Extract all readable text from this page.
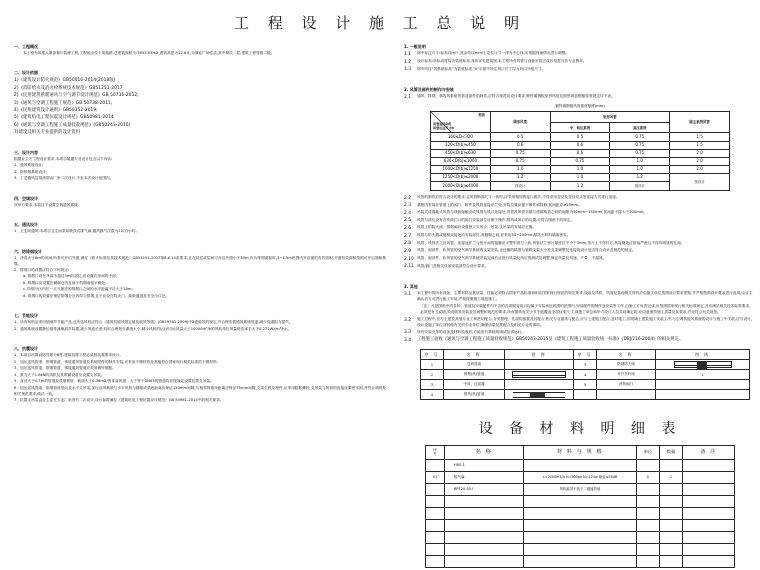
工 程 设 计 施 工 总 说 明
一、工程概况
本工程为凤凰大厦茶餐厅装修工程,工程地点位于凤凰路,总建筑面积为:7653.53m2,建筑高度为12.6米,为商业广场性质,其中餐饮二层,建筑工程等级二级。
二、设计依据
1)《建筑设计防火规范》GB50016-2014(2018版)
2)《消防给水及消火栓系统技术规范》GB51251-2017
2)《民用建筑供暖通风与空气调节设计规范》GB 50736-2012;
3)《通风与空调工程施工规范》GB 50738-2011;
4)《民用建筑设计通则》GB50352-2019;
5)《建筑机电工程抗震设计规范》GB50981-2014
6)《通风与空调工程施工质量验收规范》(GB50243-2016)
7)建设及相关专业提供的设计资料
三、设计内容
根据业主方工程设计要求,本项目暖通专业设计包含以下内容:
1、通风系统设计;
2、防排烟系统设计;
3、工艺通风及排油烟由厂家二次设计,不在本次设计范围内。
四、空调设计
应甲方要求,本项目不设置空调通风系统
五、通风设计
1、卫生间通风:本项目卫生间采用吸顶式排气扇,通风换气次数为10次/小时。
六、防排烟设计
1、净高大于6m的房间,所需可开启外窗,满足《防火标准及其技术规范》GB51251-2017第8.6.15条要求,且在同层或层间可开启外窗小于30m,作为排烟面积时,3~1.5m范围内开启窗的有效面积,开窗有效面积按照可开启面积核算。
2、排烟口的设置应符合下列规定:
a. 排烟口设在净高不超过3m的部位,应设置在房间的中部;
b. 排烟口应设置在储烟仓内且低于挡烟垂壁下缘处;
c. 防烟分区内任一点与最近的排烟口之间的水平距离不应大于30m;
d. 排烟口的设置应保证防烟分区内均匀排烟,且不应设在防火门、疏散通道及安全出口处。
七、节能设计
1、所有风机应采用低噪声节能产品,且所选风机应符合《通风机能效限定值及能效等级》(GB19761-2009)中2级能效的规定,并合理布置通风系统管道,减少管道阻力损失。
2、通风系统设置静压箱等减噪消声装置,减少风道长度;同时合理划分系统大小,减少风机的运行时间;风量大于10000m³/h的风机单位风量耗功率不大于0.271W/(m³/h);。
八、抗震设计
1、本项目抗震设防烈度为6度,建筑抗震工程必须按抗震要求设计。
2、加压送风管道、排烟管道、事故通风管道及系统附件的制作安装,应采用不燃材料及其他符合国家现行相关标准的不燃材料;
3、加压送风管道、排烟管道、事故通风管道应采用镀锌钢板。
4、重力大于1.8kN的风机及其附属设备应设置支吊架。
5、直径大于0.7m的管道及风道系统、截面大于0.38m2/的垂直风道、大于等于DN65的管道均应按规定设置抗震支吊架。
6、加压送风管道、排烟管道竖向及水平支吊架,加压送风系统与水平风管与楼板或梁底距离应保证150mm间隙,与相邻管道净距离应保证75mm间隙,支架生根及埋件,应采用膨胀螺栓,支吊架与风管的连接应紧密牢固,并符合消防及相关规范要求,做法一致。
7、抗震支吊架由业主委托专业厂家进行二次设计,设计参数满足《建筑机电工程抗震设计规范》GB 50981-2014中的相关要求。
1. 一般说明
1.1	图中标注尺寸:标高以m计,其余均以mm计,定位尺寸一律为中心线,可根据现场情况进行调整。
1.2	设计标高:所标高度均为梁底标高,具体详见建筑图,本工程所有风管与设备安装完成后均需与各专业核对。
1.3	图中所注"风系统标高"为管底标高,"h"平面中所注风口尺寸均为风口外框尺寸。
2. 风管及部件的制作与安装
2.1	通风、排烟、事故风系统风管及部件的制作,应符合规范及设计要求,镀锌薄钢板矩形风管及圆形风管钢板厚度规定详下表。
镀锌薄钢板风管板材厚度(mm)
类别
风管直径D或
风管长边尺寸b	圆形风管	矩形风管		除尘系统风管
		中、低压系统	高压系统	
160≤D<320	0.5	0.5	0.75	1.5
320<D(b)≤450	0.6	0.6	0.75	1.5
450<D(b)≤630	0.75	0.6	0.75	2.0
630<D(b)≤1000	0.75	0.75	1.0	2.0
1000<D(b)≤1250	1.0	1.0	1.0	2.0
1250<D(b)≤2000	1.2	1.0	1.2	按设计
2000<D(b)≤4000	按设计	1.2	按设计	
2.2	风管的制作应符合设计的要求,且风管断面尺寸一致时,应采用相同的接口做法,不得采用变径及变径弯头等连接方式进行连接。
2.3	系统内安装在管道上的阀门、附件及风管连接法兰处,安装位置应便于操作和检修,其间距应≥25mm。
2.4	吊装式或落地式风管与设备接触点或风管与风口连接处,弯管及风管末端与建筑构造之间的间隙为50mm~150mm,其间距不得大于200mm。
2.5	风管与部位设有各类阀门口的阀门安装部位应便于操作,排风或风口的位置,应符合图纸下的规定。
2.6	风管上的防火阀、排烟阀应设置独立支吊点、吊架,支吊架的安装应正确。
2.7	风管与防火墙或楼板交接处的安装部位,其缝隙之间,应采用50~200mm厚防火材料填塞密实。
2.8	风管、风管法兰及风管、连接处法兰与垫片间的接触应平整牢固与一致,风管法兰垫片厚度应不小于3mm,垫片上不得钉订,其接缝处应搭接严密且不得有明显的孔洞。
2.9	风管、阀部件、软风管的空气调节系统的支架安装,正压侧的精度与管路支架大小及支架调整及连接的设计是否符合设计及规范的规定。
2.10 风管、阀部件、软风管的空气调节系统安装完成后应进行风量及风压的测试及调整,保证风量及风速、产量、不漏风。
2.11 风管/阀门及相关设备安装须符合设计要求。
3. 其他
3.1	本工程中的所有设备、主要材料及其质量、性能必须符合国家产品标准和相应国家现行规范的规定要求,设备及风机、风管及其他相关材料应由施工单位按照设计要求采购,并严格按照设计要求进行选用,由业主确认后方可进行施工安装,严格按照施工规范施工。
〔注〕凡是图纸中的各种、管道及安装配件内不含的各项服务项目均属于安装承包范围的范围内,安装配件的制作及安装等工作,由施工方负责完成,应按照国家现行相关标准规定,并应满足相关技术标准要求。
必须是有关说明,须说明其安装及其调整和规范的要求,所有图纸有关小节不能覆盖全部标准尺寸,须施工单位和甲方设计人员共同确定的,应同意保持施工质量及其要求,并应符合有关规范。
3.2	施工过程中,应与土建及其他专业工种密切配合,各类预埋、孔洞的留置及其配合,相关专业图纸与配合,应与土建施工配合,及时施工,应明确土建及施工安装工序,与空调其他风系统的设计与施工中关联,应与设计、设计及施工单位及其他有关的专业单位,确保质量及其配合及相关专业的事项。
3.3	所有安装完毕的设备及材料验收后,方能进行系统的调试及试运行。
3.4	工程施工验收《通风与空调工程施工质量验收规范》GB50243-2015及《建筑工程施工质量验收统一标准》《DBJ/216-2004》的相关规定。
序 号	名 称	图 例	序 号	名 称	图 例
1	送风管道		3	防烟防火阀	
2	排烟(风)管道		4	对开多叶阀	1
3	中效、过滤器		5	回风阀门	
4	排风(风)管道				
设 备 材 料 明 细 表
序
号	名 称	材 料 与 规 格	单位	数量	备 注
	HRS-1				
01	排气扇	L=2000m3/h H=300pa N=120w 噪音≤56dB	台	1	
	BPT20-30-I	风机能效不低于二级能效值			
